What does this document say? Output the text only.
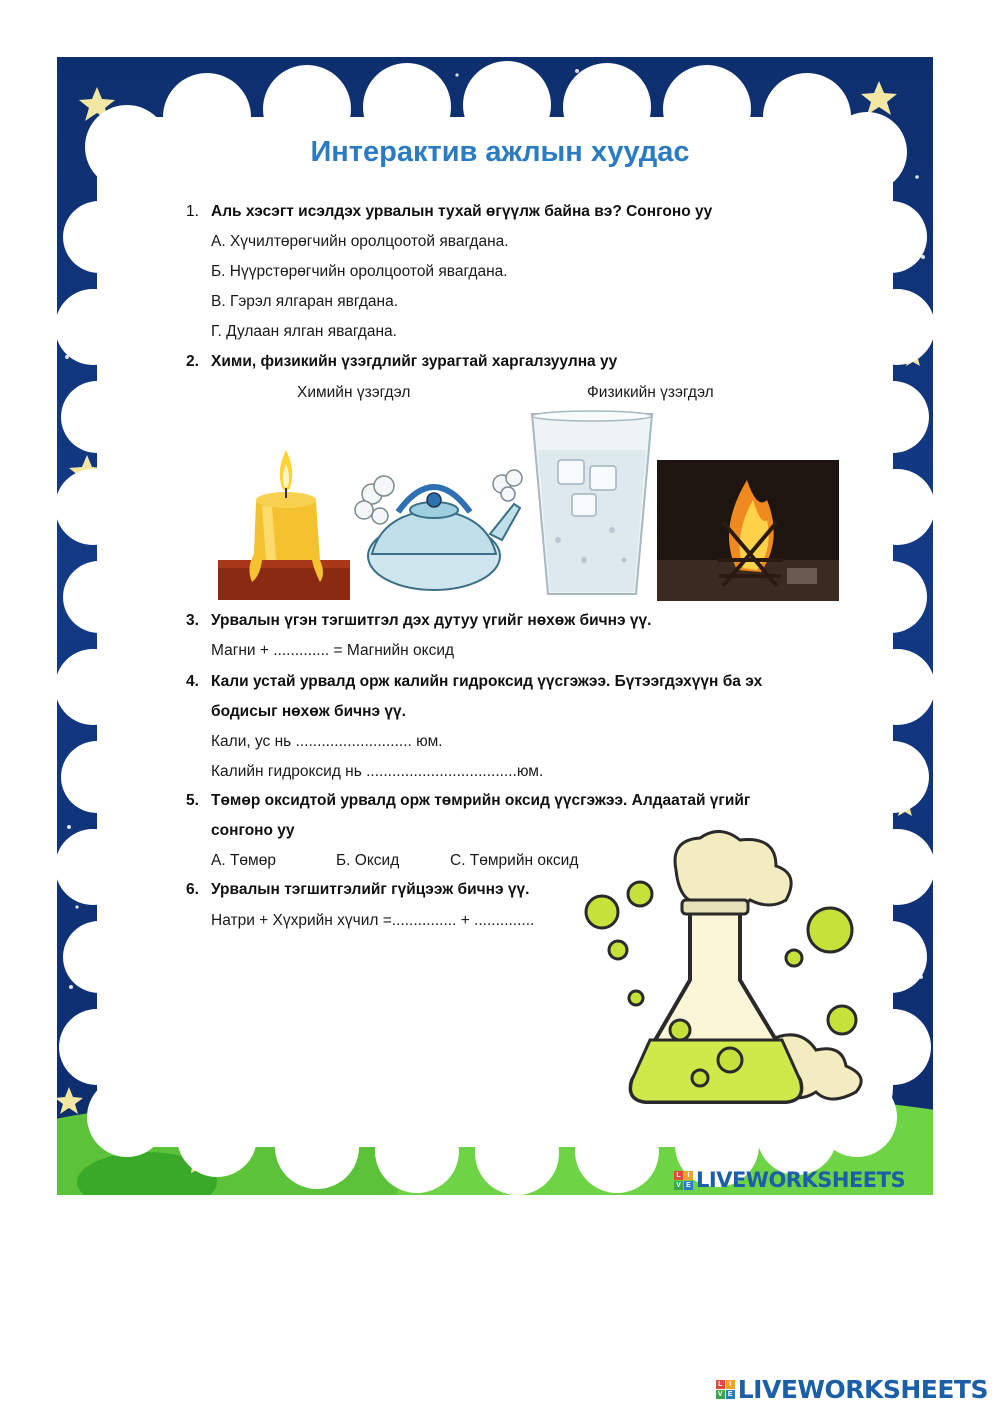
Интерактив ажлын хуудас
1. Аль хэсэгт исэлдэх урвалын тухай өгүүлж байна вэ? Сонгоно уу
А. Хүчилтөрөгчийн оролцоотой явагдана.
Б. Нүүрстөрөгчийн оролцоотой явагдана.
В. Гэрэл ялгаран явгдана.
Г. Дулаан ялган явагдана.
2. Хими, физикийн үзэгдлийг зурагтай харгалзуулна уу
Химийн үзэгдэл	Физикийн үзэгдэл
3. Урвалын үгэн тэгшитгэл дэх дутуу үгийг нөхөж бичнэ үү.
Магни + ............. = Магнийн оксид
4. Кали устай урвалд орж калийн гидроксид үүсгэжээ. Бүтээгдэхүүн ба эх
бодисыг нөхөж бичнэ үү.
Кали, ус нь ........................... юм.
Калийн гидроксид нь ...................................юм.
5. Төмөр оксидтой урвалд орж төмрийн оксид үүсгэжээ. Алдаатай үгийг
сонгоно уу
А. Төмөр	Б. Оксид	С. Төмрийн оксид
6. Урвалын тэгшитгэлийг гүйцээж бичнэ үү.
Натри + Хүхрийн хүчил =............... + ..............
L I
V E LIVEWORKSHEETS
L I
V E LIVEWORKSHEETS
